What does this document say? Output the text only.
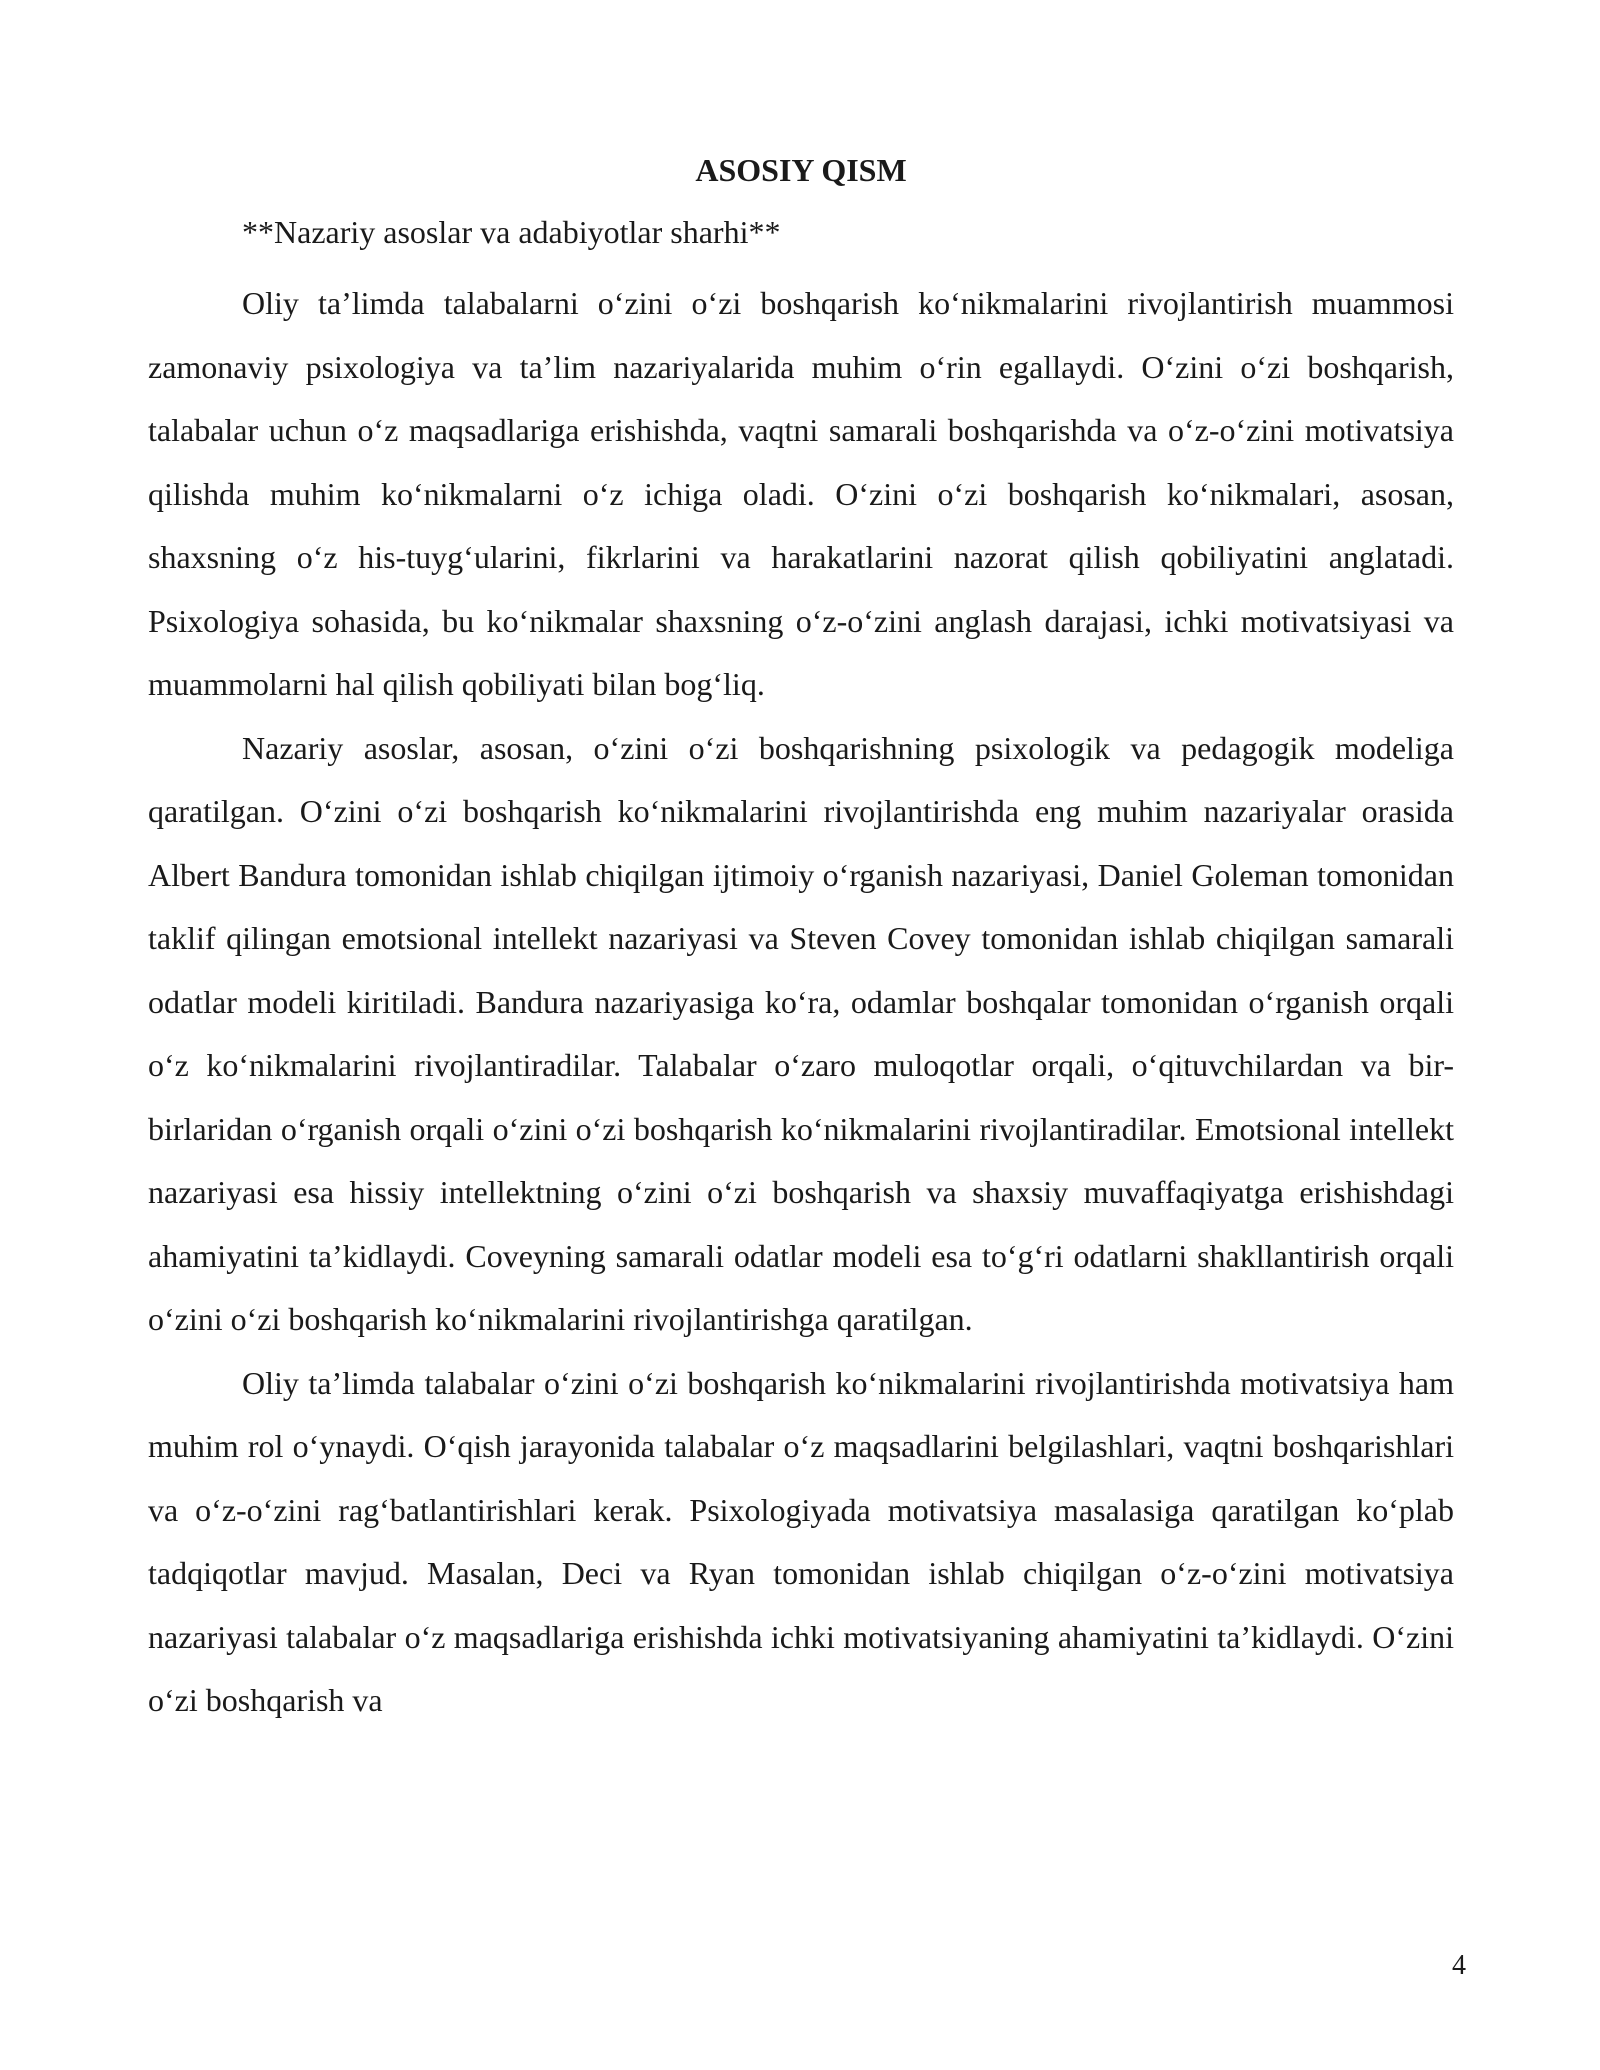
ASOSIY QISM
**Nazariy asoslar va adabiyotlar sharhi**

Oliy ta’limda talabalarni o‘zini o‘zi boshqarish ko‘nikmalarini rivojlantirish muammosi zamonaviy psixologiya va ta’lim nazariyalarida muhim o‘rin egallaydi. O‘zini o‘zi boshqarish, talabalar uchun o‘z maqsadlariga erishishda, vaqtni samarali boshqarishda va o‘z-o‘zini motivatsiya qilishda muhim ko‘nikmalarni o‘z ichiga oladi. O‘zini o‘zi boshqarish ko‘nikmalari, asosan, shaxsning o‘z his-tuyg‘ularini, fikrlarini va harakatlarini nazorat qilish qobiliyatini anglatadi. Psixologiya sohasida, bu ko‘nikmalar shaxsning o‘z-o‘zini anglash darajasi, ichki motivatsiyasi va muammolarni hal qilish qobiliyati bilan bog‘liq.

Nazariy asoslar, asosan, o‘zini o‘zi boshqarishning psixologik va pedagogik modeliga qaratilgan. O‘zini o‘zi boshqarish ko‘nikmalarini rivojlantirishda eng muhim nazariyalar orasida Albert Bandura tomonidan ishlab chiqilgan ijtimoiy o‘rganish nazariyasi, Daniel Goleman tomonidan taklif qilingan emotsional intellekt nazariyasi va Steven Covey tomonidan ishlab chiqilgan samarali odatlar modeli kiritiladi. Bandura nazariyasiga ko‘ra, odamlar boshqalar tomonidan o‘rganish orqali o‘z ko‘nikmalarini rivojlantiradilar. Talabalar o‘zaro muloqotlar orqali, o‘qituvchilardan va bir-birlaridan o‘rganish orqali o‘zini o‘zi boshqarish ko‘nikmalarini rivojlantiradilar. Emotsional intellekt nazariyasi esa hissiy intellektning o‘zini o‘zi boshqarish va shaxsiy muvaffaqiyatga erishishdagi ahamiyatini ta’kidlaydi. Coveyning samarali odatlar modeli esa to‘g‘ri odatlarni shakllantirish orqali o‘zini o‘zi boshqarish ko‘nikmalarini rivojlantirishga qaratilgan.

Oliy ta’limda talabalar o‘zini o‘zi boshqarish ko‘nikmalarini rivojlantirishda motivatsiya ham muhim rol o‘ynaydi. O‘qish jarayonida talabalar o‘z maqsadlarini belgilashlari, vaqtni boshqarishlari va o‘z-o‘zini rag‘batlantirishlari kerak. Psixologiyada motivatsiya masalasiga qaratilgan ko‘plab tadqiqotlar mavjud. Masalan, Deci va Ryan tomonidan ishlab chiqilgan o‘z-o‘zini motivatsiya nazariyasi talabalar o‘z maqsadlariga erishishda ichki motivatsiyaning ahamiyatini ta’kidlaydi. O‘zini o‘zi boshqarish va

4
